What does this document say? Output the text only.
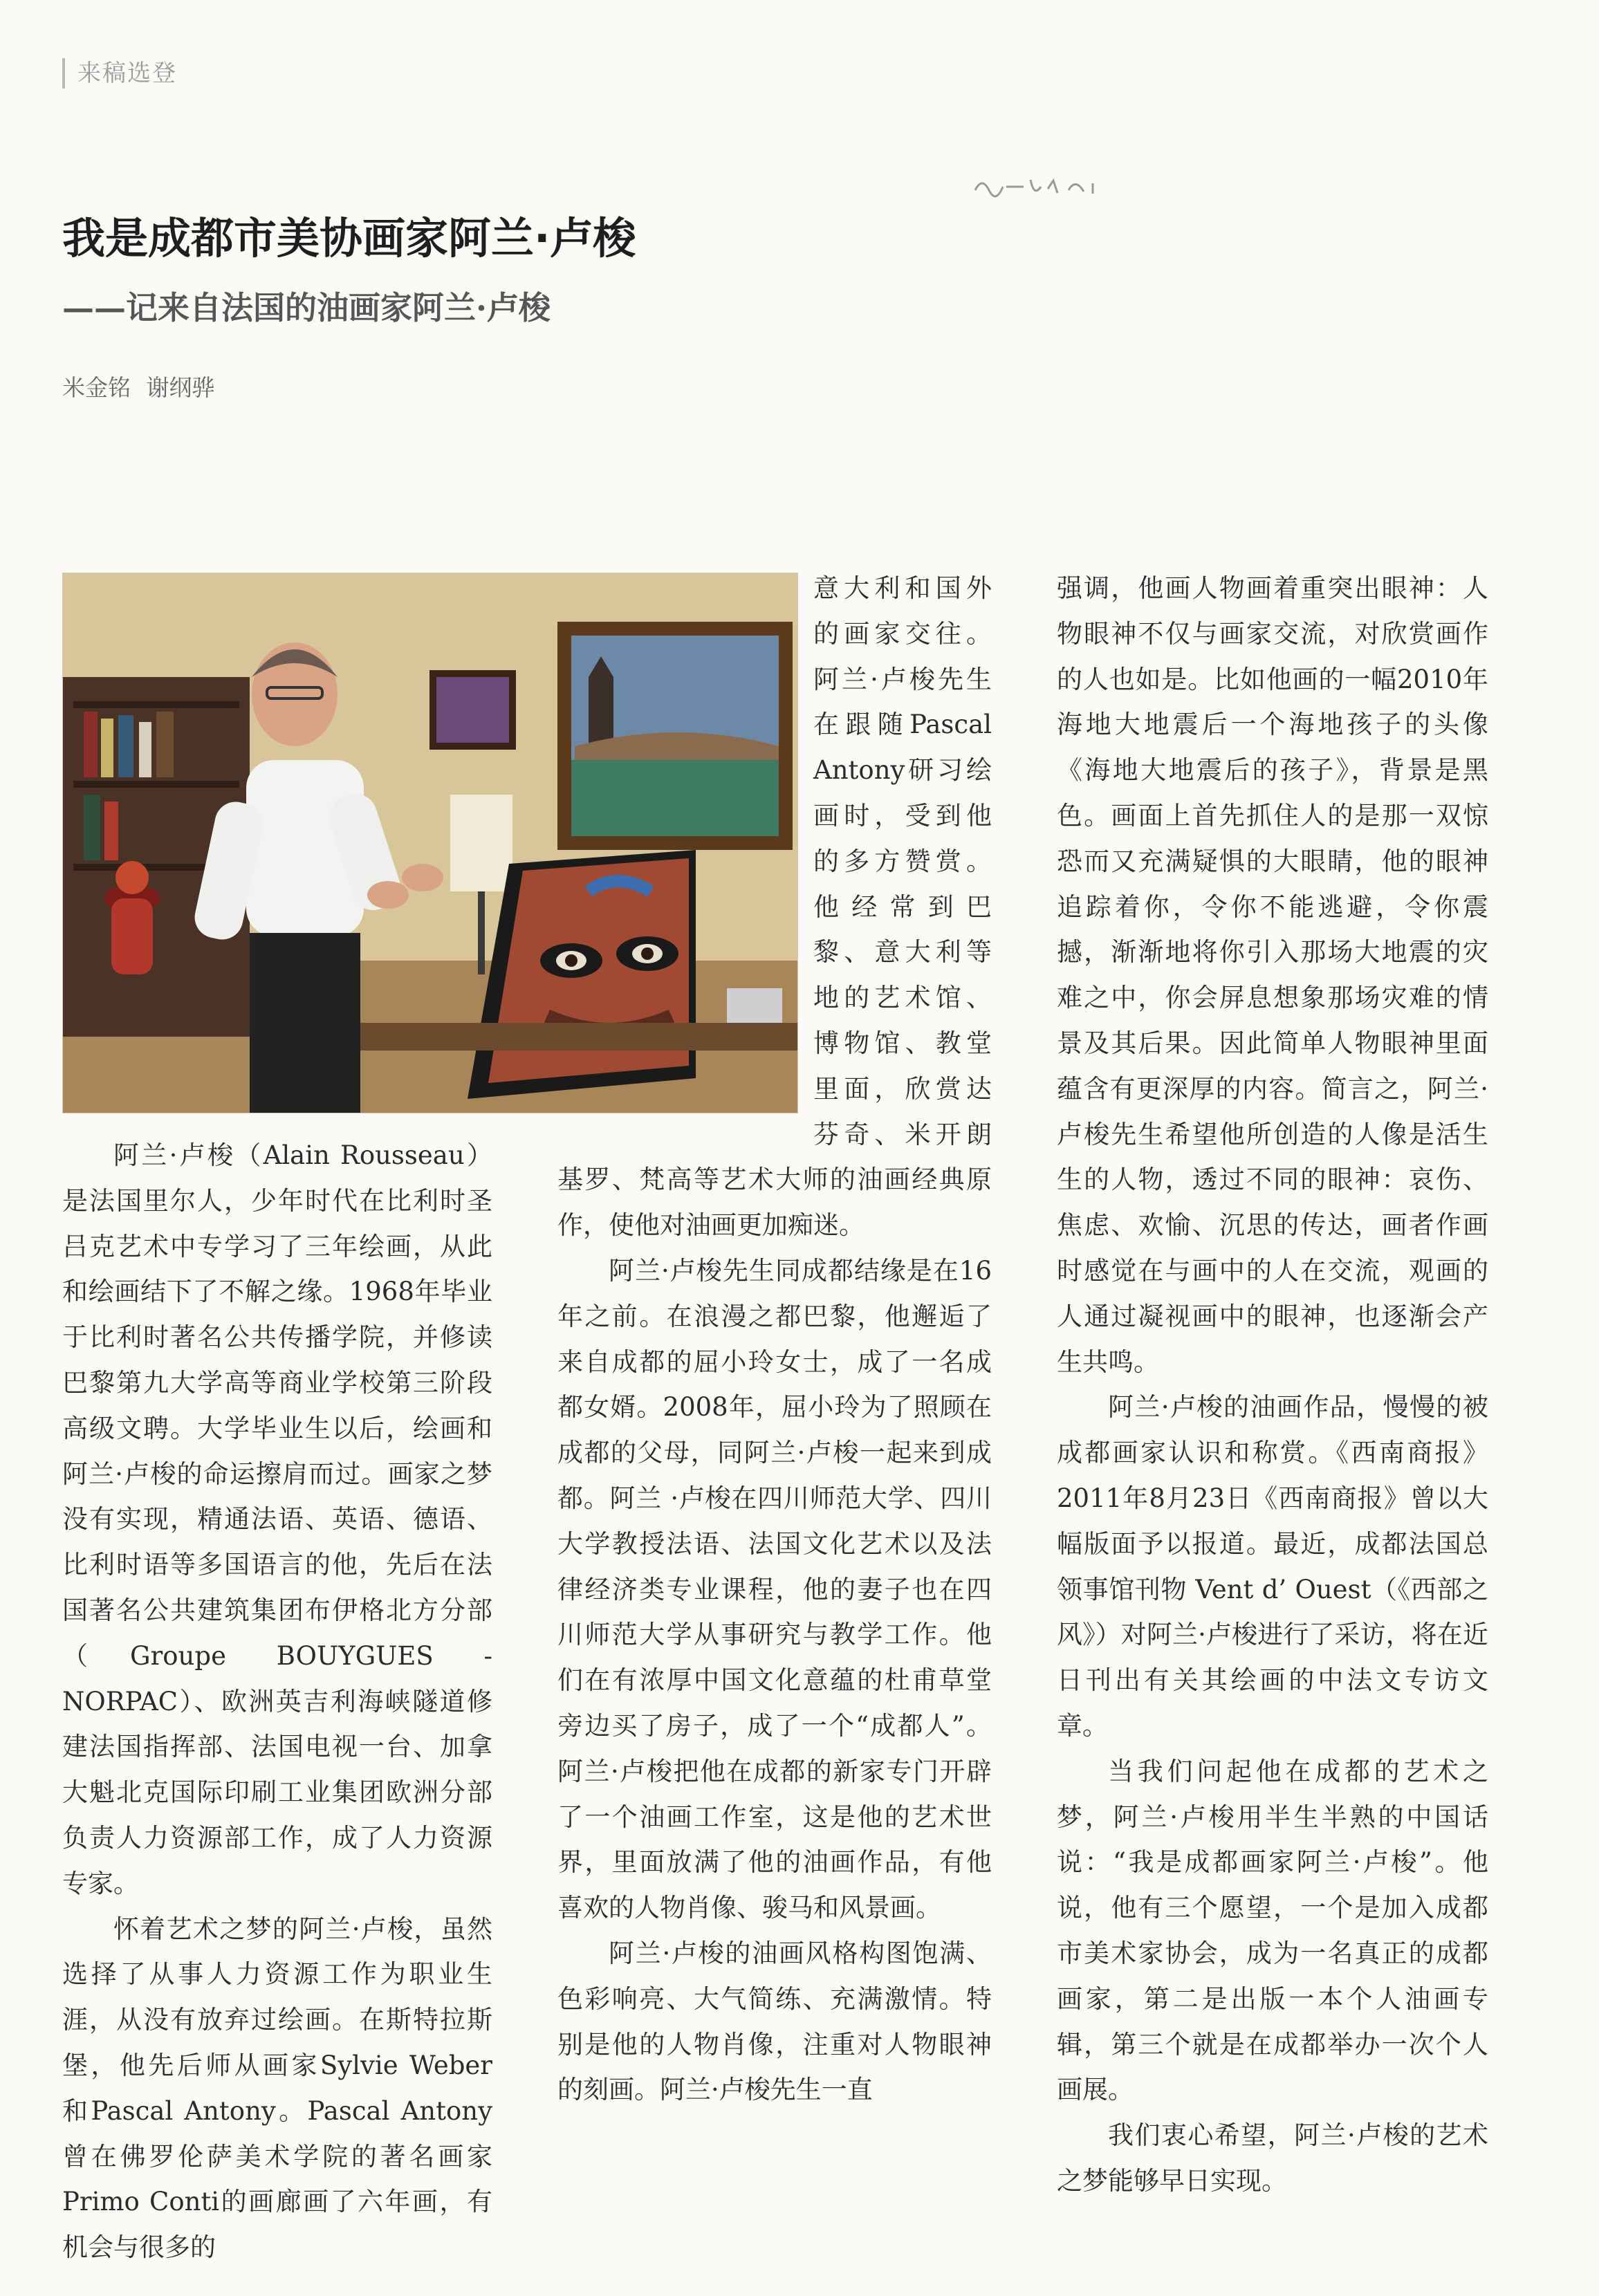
来稿选登
我是成都市美协画家阿兰·卢梭
——记来自法国的油画家阿兰·卢梭
米金铭 谢纲骅

阿兰·卢梭（Alain Rousseau）是法国里尔人，少年时代在比利时圣吕克艺术中专学习了三年绘画，从此和绘画结下了不解之缘。1968年毕业于比利时著名公共传播学院，并修读巴黎第九大学高等商业学校第三阶段高级文聘。大学毕业生以后，绘画和阿兰·卢梭的命运擦肩而过。画家之梦没有实现，精通法语、英语、德语、比利时语等多国语言的他，先后在法国著名公共建筑集团布伊格北方分部（Groupe BOUYGUES -NORPAC）、欧洲英吉利海峡隧道修建法国指挥部、法国电视一台、加拿大魁北克国际印刷工业集团欧洲分部负责人力资源部工作，成了人力资源专家。

怀着艺术之梦的阿兰·卢梭，虽然选择了从事人力资源工作为职业生涯，从没有放弃过绘画。在斯特拉斯堡，他先后师从画家Sylvie Weber 和Pascal Antony。Pascal Antony曾在佛罗伦萨美术学院的著名画家Primo Conti的画廊画了六年画，有机会与很多的

意大利和国外的画家交往。阿兰·卢梭先生在跟随Pascal Antony研习绘画时，受到他的多方赞赏。他经常到巴黎、意大利等地的艺术馆、博物馆、教堂里面，欣赏达芬奇、米开朗基罗、梵高等艺术大师的油画经典原作，使他对油画更加痴迷。

阿兰·卢梭先生同成都结缘是在16年之前。在浪漫之都巴黎，他邂逅了来自成都的屈小玲女士，成了一名成都女婿。2008年，屈小玲为了照顾在成都的父母，同阿兰·卢梭一起来到成都。阿兰 ·卢梭在四川师范大学、四川大学教授法语、法国文化艺术以及法律经济类专业课程，他的妻子也在四川师范大学从事研究与教学工作。他们在有浓厚中国文化意蕴的杜甫草堂旁边买了房子，成了一个“成都人”。阿兰·卢梭把他在成都的新家专门开辟了一个油画工作室，这是他的艺术世界，里面放满了他的油画作品，有他喜欢的人物肖像、骏马和风景画。

阿兰·卢梭的油画风格构图饱满、色彩响亮、大气简练、充满激情。特别是他的人物肖像，注重对人物眼神的刻画。阿兰·卢梭先生一直

强调，他画人物画着重突出眼神：人物眼神不仅与画家交流，对欣赏画作的人也如是。比如他画的一幅2010年海地大地震后一个海地孩子的头像《海地大地震后的孩子》，背景是黑色。画面上首先抓住人的是那一双惊恐而又充满疑惧的大眼睛，他的眼神追踪着你，令你不能逃避，令你震撼，渐渐地将你引入那场大地震的灾难之中，你会屏息想象那场灾难的情景及其后果。因此简单人物眼神里面蕴含有更深厚的内容。简言之，阿兰·卢梭先生希望他所创造的人像是活生生的人物，透过不同的眼神：哀伤、焦虑、欢愉、沉思的传达，画者作画时感觉在与画中的人在交流，观画的人通过凝视画中的眼神，也逐渐会产生共鸣。

阿兰·卢梭的油画作品，慢慢的被成都画家认识和称赏。《西南商报》2011年8月23日《西南商报》曾以大幅版面予以报道。最近，成都法国总领事馆刊物 Vent d’ Ouest（《西部之风》）对阿兰·卢梭进行了采访，将在近日刊出有关其绘画的中法文专访文章。

当我们问起他在成都的艺术之梦，阿兰·卢梭用半生半熟的中国话说：“我是成都画家阿兰·卢梭”。他说，他有三个愿望，一个是加入成都市美术家协会，成为一名真正的成都画家，第二是出版一本个人油画专辑，第三个就是在成都举办一次个人画展。

我们衷心希望，阿兰·卢梭的艺术之梦能够早日实现。
